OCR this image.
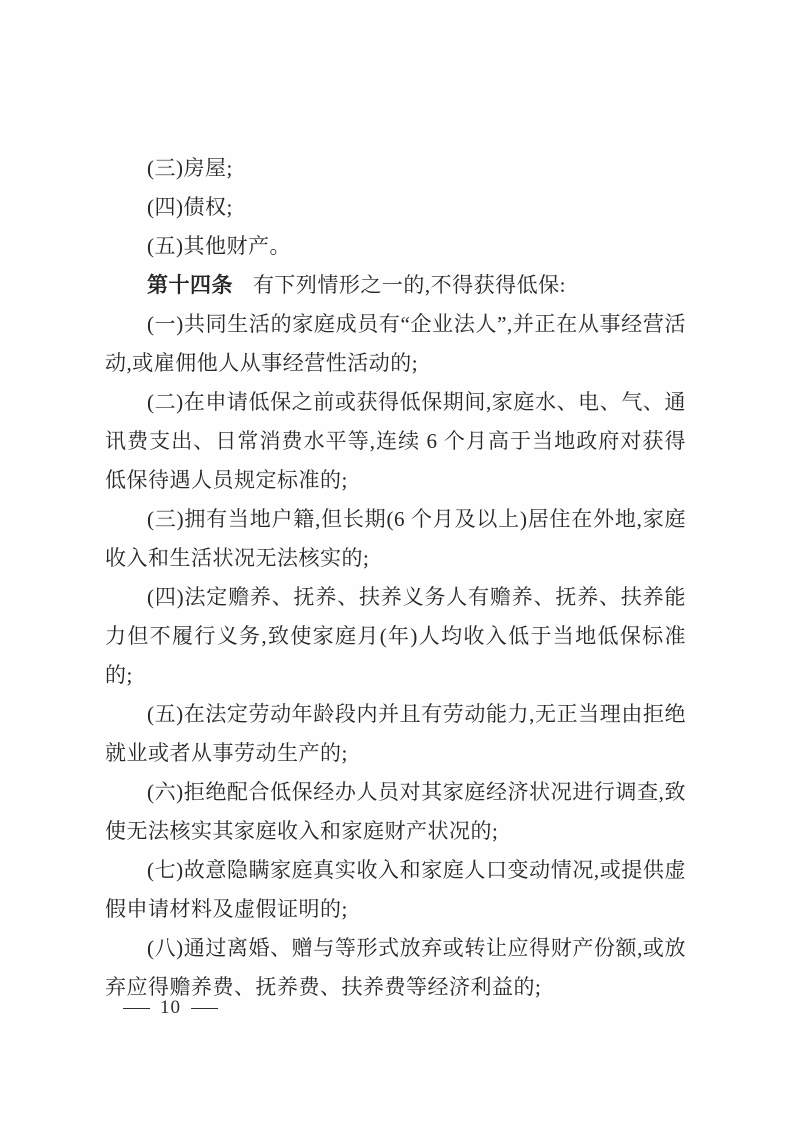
(三)房屋;

(四)债权;

(五)其他财产。

第十四条 有下列情形之一的,不得获得低保:

(一)共同生活的家庭成员有“企业法人”,并正在从事经营活动,或雇佣他人从事经营性活动的;

(二)在申请低保之前或获得低保期间,家庭水、电、气、通讯费支出、日常消费水平等,连续 6 个月高于当地政府对获得低保待遇人员规定标准的;

(三)拥有当地户籍,但长期(6 个月及以上)居住在外地,家庭收入和生活状况无法核实的;

(四)法定赡养、抚养、扶养义务人有赡养、抚养、扶养能力但不履行义务,致使家庭月(年)人均收入低于当地低保标准的;

(五)在法定劳动年龄段内并且有劳动能力,无正当理由拒绝就业或者从事劳动生产的;

(六)拒绝配合低保经办人员对其家庭经济状况进行调查,致使无法核实其家庭收入和家庭财产状况的;

(七)故意隐瞒家庭真实收入和家庭人口变动情况,或提供虚假申请材料及虚假证明的;

(八)通过离婚、赠与等形式放弃或转让应得财产份额,或放弃应得赡养费、抚养费、扶养费等经济利益的;

— 10 —
